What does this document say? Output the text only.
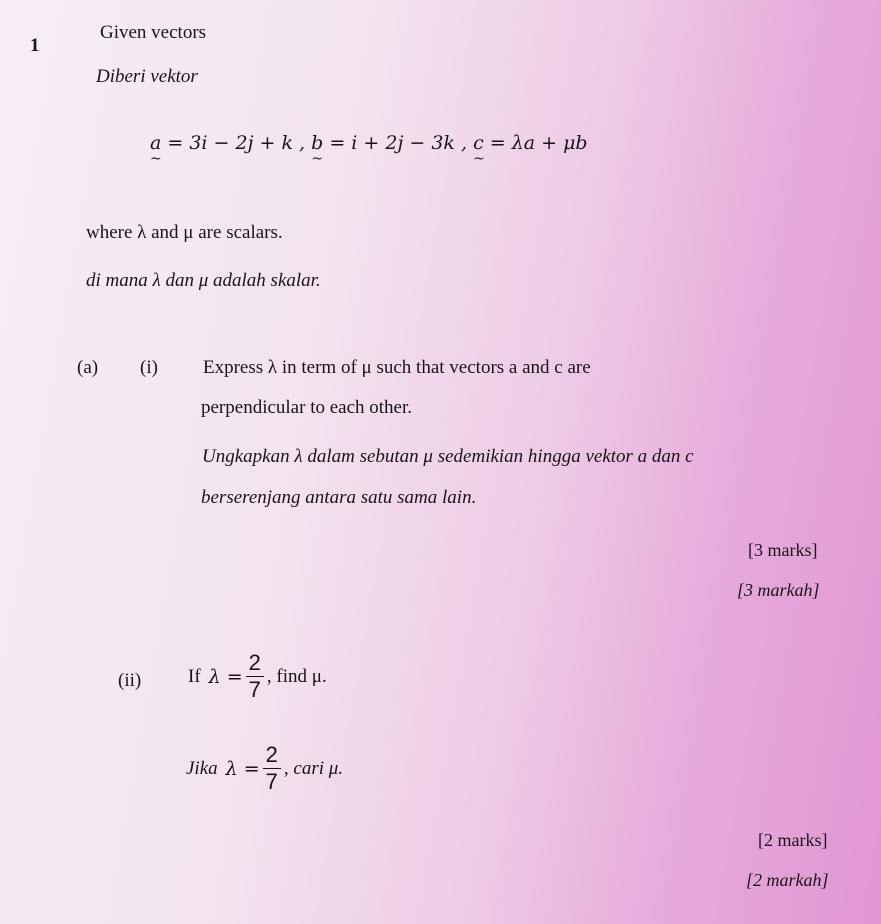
1
Given vectors
Diberi vektor
a ~ = 3i − 2j + k , b ~ = i + 2j − 3k , c ~ = λa + μb
where λ and μ are scalars.
di mana λ dan μ adalah skalar.
(a) (i) Express λ in term of μ such that vectors a and c are
perpendicular to each other.
Ungkapkan λ dalam sebutan μ sedemikian hingga vektor a dan c
berserenjang antara satu sama lain.
[3 marks]
[3 markah]
(ii) If $\lambda = \frac{2}{7}$ , find μ.
Jika $\lambda = \frac{2}{7}$ , cari μ.
[2 marks]
[2 markah]
